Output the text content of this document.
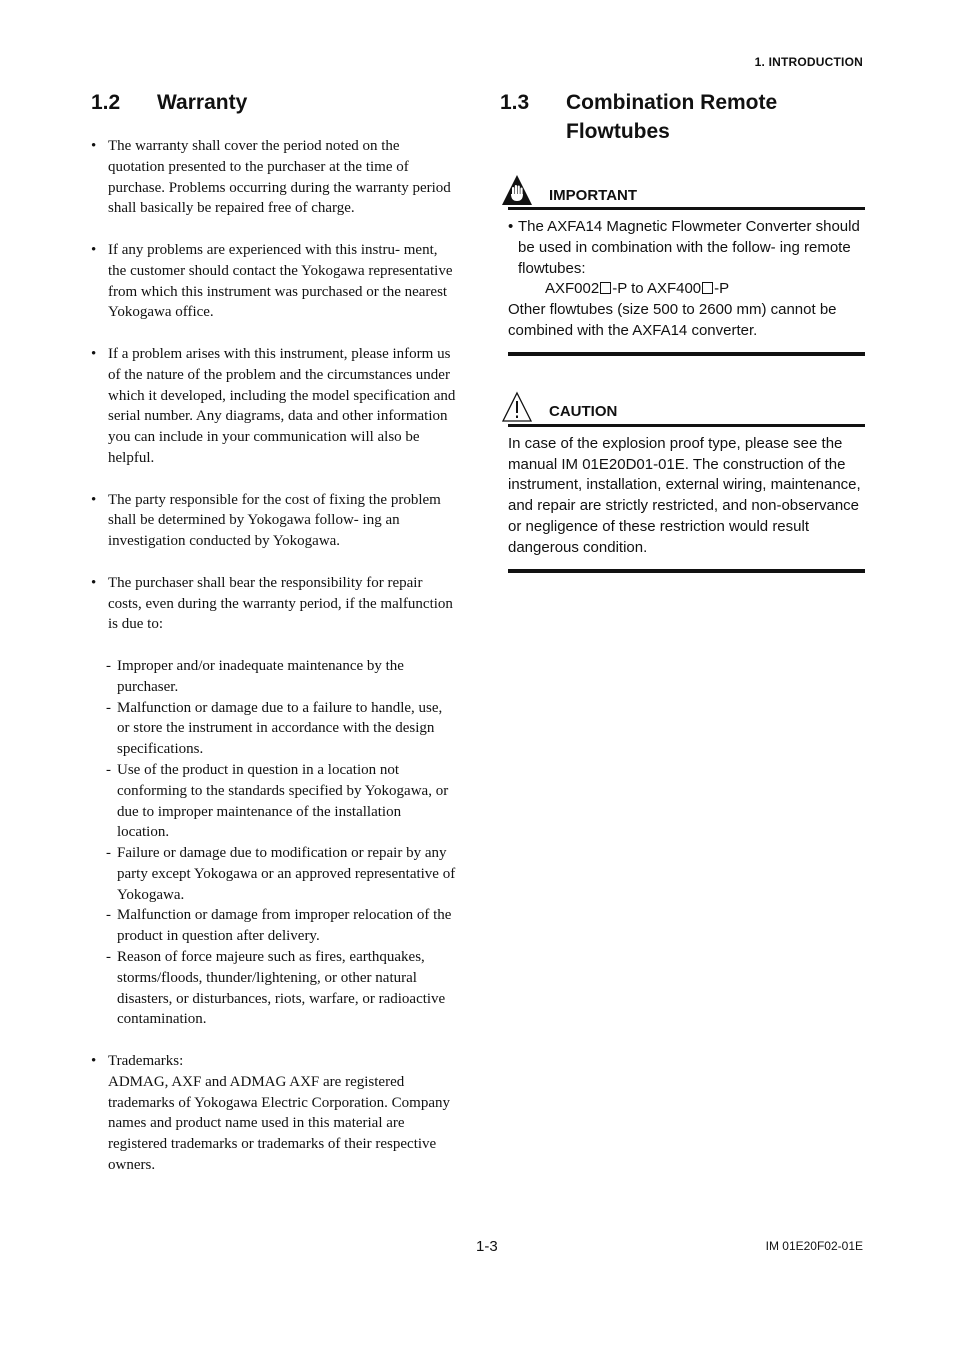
1. INTRODUCTION
1.2	Warranty
• The warranty shall cover the period noted on the quotation presented to the purchaser at the time of purchase. Problems occurring during the warranty period shall basically be repaired free of charge.
• If any problems are experienced with this instru- ment, the customer should contact the Yokogawa representative from which this instrument was purchased or the nearest Yokogawa office.
• If a problem arises with this instrument, please inform us of the nature of the problem and the circumstances under which it developed, including the model specification and serial number. Any diagrams, data and other information you can include in your communication will also be helpful.
• The party responsible for the cost of fixing the problem shall be determined by Yokogawa follow- ing an investigation conducted by Yokogawa.
• The purchaser shall bear the responsibility for repair costs, even during the warranty period, if the malfunction is due to:
- Improper and/or inadequate maintenance by the purchaser.
- Malfunction or damage due to a failure to handle, use, or store the instrument in accordance with the design specifications.
- Use of the product in question in a location not conforming to the standards specified by Yokogawa, or due to improper maintenance of the installation location.
- Failure or damage due to modification or repair by any party except Yokogawa or an approved representative of Yokogawa.
- Malfunction or damage from improper relocation of the product in question after delivery.
- Reason of force majeure such as fires, earthquakes, storms/floods, thunder/lightening, or other natural disasters, or disturbances, riots, warfare, or radioactive contamination.
• Trademarks:
ADMAG, AXF and ADMAG AXF are registered trademarks of Yokogawa Electric Corporation. Company names and product name used in this material are registered trademarks or trademarks of their respective owners.
1.3	Combination Remote Flowtubes
IMPORTANT
• The AXFA14 Magnetic Flowmeter Converter should be used in combination with the follow- ing remote flowtubes:
AXF002 -P to AXF400 -P
Other flowtubes (size 500 to 2600 mm) cannot be combined with the AXFA14 converter.
CAUTION
In case of the explosion proof type, please see the manual IM 01E20D01-01E. The construction of the instrument, installation, external wiring, maintenance, and repair are strictly restricted, and non-observance or negligence of these restriction would result dangerous condition.
1-3	IM 01E20F02-01E
